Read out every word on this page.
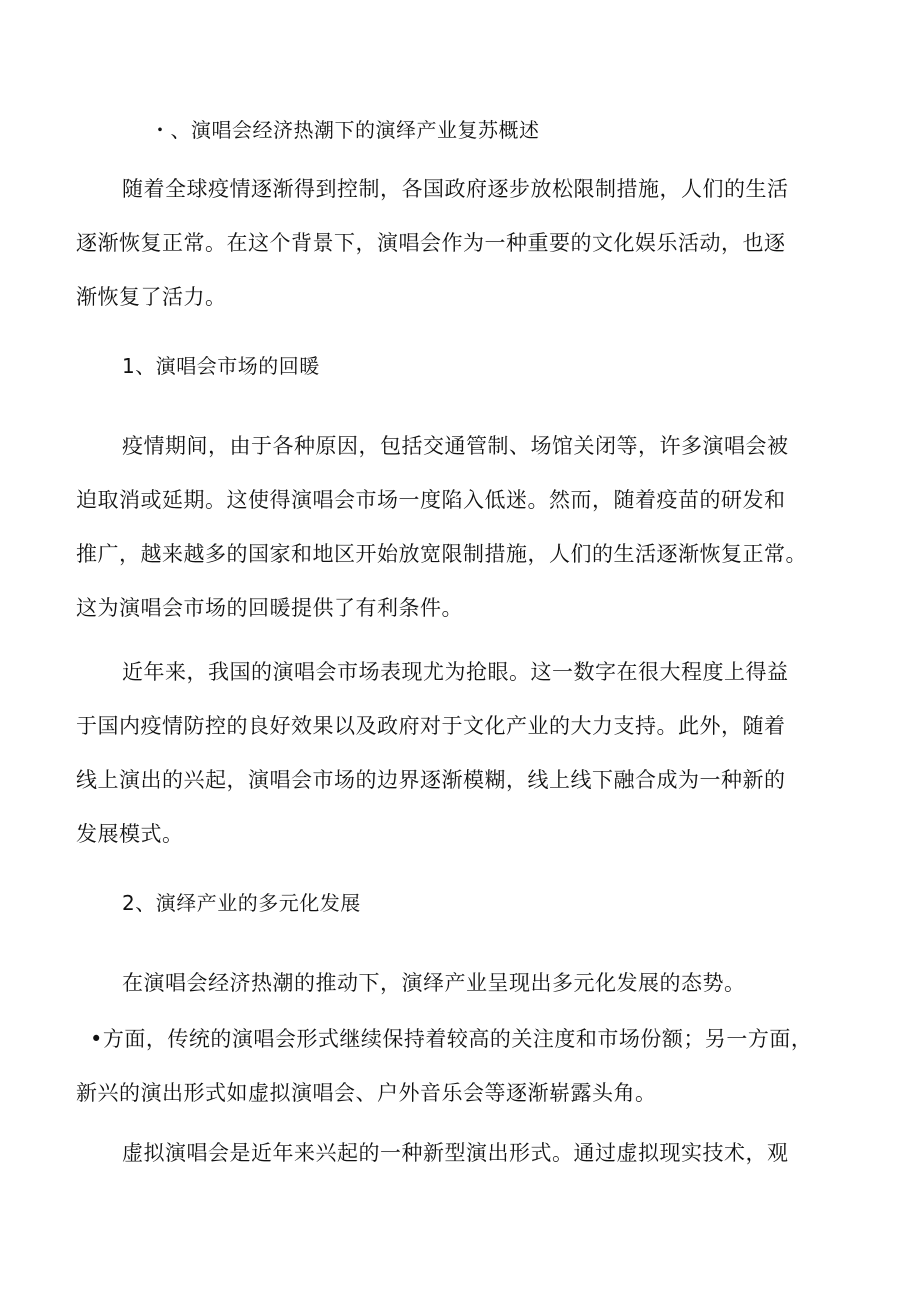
・、演唱会经济热潮下的演绎产业复苏概述
随着全球疫情逐渐得到控制，各国政府逐步放松限制措施，人们的生活
逐渐恢复正常。在这个背景下，演唱会作为一种重要的文化娱乐活动，也逐
渐恢复了活力。
1、演唱会市场的回暖
疫情期间，由于各种原因，包括交通管制、场馆关闭等，许多演唱会被
迫取消或延期。这使得演唱会市场一度陷入低迷。然而，随着疫苗的研发和
推广，越来越多的国家和地区开始放宽限制措施，人们的生活逐渐恢复正常。
这为演唱会市场的回暖提供了有利条件。
近年来，我国的演唱会市场表现尤为抢眼。这一数字在很大程度上得益
于国内疫情防控的良好效果以及政府对于文化产业的大力支持。此外，随着
线上演出的兴起，演唱会市场的边界逐渐模糊，线上线下融合成为一种新的
发展模式。
2、演绎产业的多元化发展
在演唱会经济热潮的推动下，演绎产业呈现出多元化发展的态势。
•方面，传统的演唱会形式继续保持着较高的关注度和市场份额；另一方面，
新兴的演出形式如虚拟演唱会、户外音乐会等逐渐崭露头角。
虚拟演唱会是近年来兴起的一种新型演出形式。通过虚拟现实技术，观
